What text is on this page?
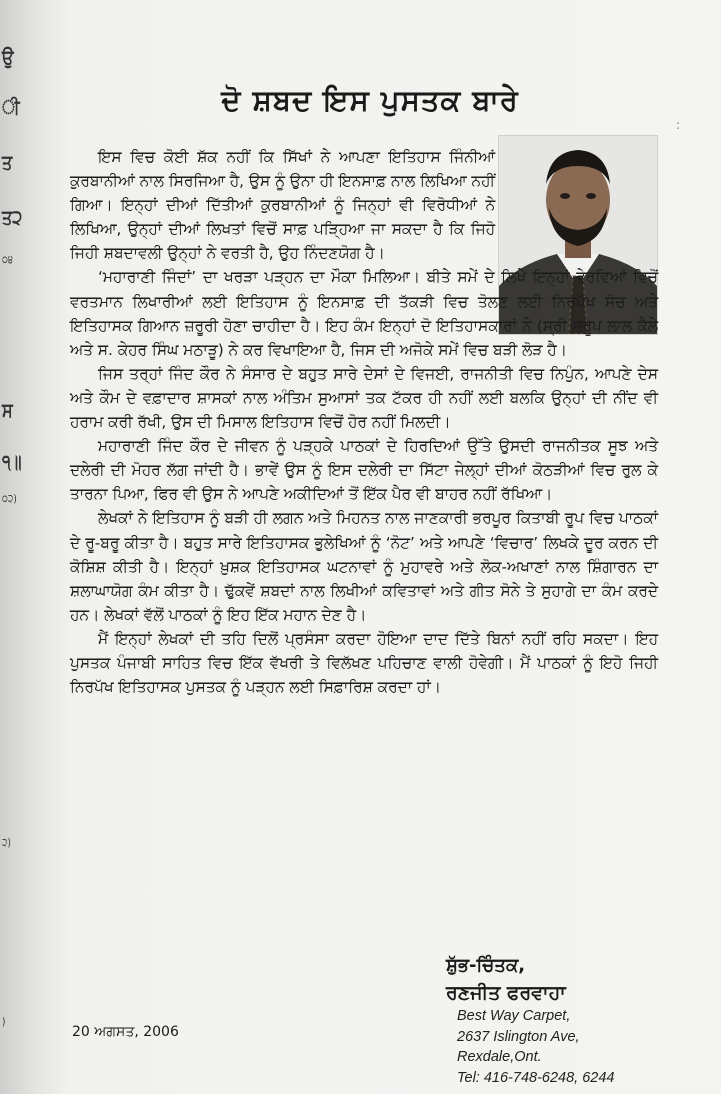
ਉ
ੀ
ਤ
ਤ੨
੦੪
ਸ
੧॥
੦੨)
੨)
)
꞉
ਦੋ ਸ਼ਬਦ ਇਸ ਪੁਸਤਕ ਬਾਰੇ

ਇਸ ਵਿਚ ਕੋਈ ਸ਼ੱਕ ਨਹੀਂ ਕਿ ਸਿੱਖਾਂ ਨੇ ਆਪਣਾ ਇਤਿਹਾਸ ਜਿੰਨੀਆਂ ਕੁਰਬਾਨੀਆਂ ਨਾਲ ਸਿਰਜਿਆ ਹੈ, ਉਸ ਨੂੰ ਉਨਾ ਹੀ ਇਨਸਾਫ਼ ਨਾਲ ਲਿਖਿਆ ਨਹੀਂ ਗਿਆ। ਇਨ੍ਹਾਂ ਦੀਆਂ ਦਿੱਤੀਆਂ ਕੁਰਬਾਨੀਆਂ ਨੂੰ ਜਿਨ੍ਹਾਂ ਵੀ ਵਿਰੋਧੀਆਂ ਨੇ ਲਿਖਿਆ, ਉਨ੍ਹਾਂ ਦੀਆਂ ਲਿਖਤਾਂ ਵਿਚੋਂ ਸਾਫ਼ ਪੜ੍ਹਿਆ ਜਾ ਸਕਦਾ ਹੈ ਕਿ ਜਿਹੋ ਜਿਹੀ ਸ਼ਬਦਾਵਲੀ ਉਨ੍ਹਾਂ ਨੇ ਵਰਤੀ ਹੈ, ਉਹ ਨਿੰਦਣਯੋਗ ਹੈ।

‘ਮਹਾਰਾਣੀ ਜਿੰਦਾਂ’ ਦਾ ਖਰੜਾ ਪੜ੍ਹਨ ਦਾ ਮੌਕਾ ਮਿਲਿਆ। ਬੀਤੇ ਸਮੇਂ ਦੇ ਲਿਖੇ ਇਨ੍ਹਾਂ ਵੇਰਵਿਆਂ ਵਿਚੋਂ ਵਰਤਮਾਨ ਲਿਖਾਰੀਆਂ ਲਈ ਇਤਿਹਾਸ ਨੂੰ ਇਨਸਾਫ਼ ਦੀ ਤੱਕੜੀ ਵਿਚ ਤੋਲਣ ਲਈ ਨਿਰਪੱਖ ਸੋਚ ਅਤੇ ਇਤਿਹਾਸਕ ਗਿਆਨ ਜ਼ਰੂਰੀ ਹੋਣਾ ਚਾਹੀਦਾ ਹੈ। ਇਹ ਕੰਮ ਇਨ੍ਹਾਂ ਦੋ ਇਤਿਹਾਸਕਾਰਾਂ ਨੇ (ਸ੍ਰੀ ਸਰੂਪ ਲਾਲ ਕੈਲੇ ਅਤੇ ਸ. ਕੇਹਰ ਸਿੰਘ ਮਠਾੜੂ) ਨੇ ਕਰ ਵਿਖਾਇਆ ਹੈ, ਜਿਸ ਦੀ ਅਜੋਕੇ ਸਮੇਂ ਵਿਚ ਬੜੀ ਲੋੜ ਹੈ।

ਜਿਸ ਤਰ੍ਹਾਂ ਜਿੰਦ ਕੌਰ ਨੇ ਸੰਸਾਰ ਦੇ ਬਹੁਤ ਸਾਰੇ ਦੇਸਾਂ ਦੇ ਵਿਜਈ, ਰਾਜਨੀਤੀ ਵਿਚ ਨਿਪੁੰਨ, ਆਪਣੇ ਦੇਸ ਅਤੇ ਕੌਮ ਦੇ ਵਫ਼ਾਦਾਰ ਸ਼ਾਸਕਾਂ ਨਾਲ ਅੰਤਿਮ ਸੁਆਸਾਂ ਤਕ ਟੱਕਰ ਹੀ ਨਹੀਂ ਲਈ ਬਲਕਿ ਉਨ੍ਹਾਂ ਦੀ ਨੀਂਦ ਵੀ ਹਰਾਮ ਕਰੀ ਰੱਖੀ, ਉਸ ਦੀ ਮਿਸਾਲ ਇਤਿਹਾਸ ਵਿਚੋਂ ਹੋਰ ਨਹੀਂ ਮਿਲਦੀ।

ਮਹਾਰਾਣੀ ਜਿੰਦ ਕੌਰ ਦੇ ਜੀਵਨ ਨੂੰ ਪੜ੍ਹਕੇ ਪਾਠਕਾਂ ਦੇ ਹਿਰਦਿਆਂ ਉੱਤੇ ਉਸਦੀ ਰਾਜਨੀਤਕ ਸੂਝ ਅਤੇ ਦਲੇਰੀ ਦੀ ਮੋਹਰ ਲੱਗ ਜਾਂਦੀ ਹੈ। ਭਾਵੇਂ ਉਸ ਨੂੰ ਇਸ ਦਲੇਰੀ ਦਾ ਸਿੱਟਾ ਜੇਲ੍ਹਾਂ ਦੀਆਂ ਕੋਠੜੀਆਂ ਵਿਚ ਰੁਲ ਕੇ ਤਾਰਨਾ ਪਿਆ, ਫਿਰ ਵੀ ਉਸ ਨੇ ਆਪਣੇ ਅਕੀਦਿਆਂ ਤੋਂ ਇੱਕ ਪੈਰ ਵੀ ਬਾਹਰ ਨਹੀਂ ਰੱਖਿਆ।

ਲੇਖਕਾਂ ਨੇ ਇਤਿਹਾਸ ਨੂੰ ਬੜੀ ਹੀ ਲਗਨ ਅਤੇ ਮਿਹਨਤ ਨਾਲ ਜਾਣਕਾਰੀ ਭਰਪੂਰ ਕਿਤਾਬੀ ਰੂਪ ਵਿਚ ਪਾਠਕਾਂ ਦੇ ਰੂ-ਬਰੂ ਕੀਤਾ ਹੈ। ਬਹੁਤ ਸਾਰੇ ਇਤਿਹਾਸਕ ਭੁਲੇਖਿਆਂ ਨੂੰ ‘ਨੋਟ’ ਅਤੇ ਆਪਣੇ ‘ਵਿਚਾਰ’ ਲਿਖਕੇ ਦੂਰ ਕਰਨ ਦੀ ਕੋਸ਼ਿਸ਼ ਕੀਤੀ ਹੈ। ਇਨ੍ਹਾਂ ਖ਼ੁਸ਼ਕ ਇਤਿਹਾਸਕ ਘਟਨਾਵਾਂ ਨੂੰ ਮੁਹਾਵਰੇ ਅਤੇ ਲੋਕ-ਅਖਾਣਾਂ ਨਾਲ ਸ਼ਿੰਗਾਰਨ ਦਾ ਸ਼ਲਾਘਾਯੋਗ ਕੰਮ ਕੀਤਾ ਹੈ। ਢੁੱਕਵੇਂ ਸ਼ਬਦਾਂ ਨਾਲ ਲਿਖੀਆਂ ਕਵਿਤਾਵਾਂ ਅਤੇ ਗੀਤ ਸੋਨੇ ਤੇ ਸੁਹਾਗੇ ਦਾ ਕੰਮ ਕਰਦੇ ਹਨ। ਲੇਖਕਾਂ ਵੱਲੋਂ ਪਾਠਕਾਂ ਨੂੰ ਇਹ ਇੱਕ ਮਹਾਨ ਦੇਣ ਹੈ।

ਮੈਂ ਇਨ੍ਹਾਂ ਲੇਖਕਾਂ ਦੀ ਤਹਿ ਦਿਲੋਂ ਪ੍ਰਸੰਸਾ ਕਰਦਾ ਹੋਇਆ ਦਾਦ ਦਿੱਤੇ ਬਿਨਾਂ ਨਹੀਂ ਰਹਿ ਸਕਦਾ। ਇਹ ਪੁਸਤਕ ਪੰਜਾਬੀ ਸਾਹਿਤ ਵਿਚ ਇੱਕ ਵੱਖਰੀ ਤੇ ਵਿਲੱਖਣ ਪਹਿਚਾਣ ਵਾਲੀ ਹੋਵੇਗੀ। ਮੈਂ ਪਾਠਕਾਂ ਨੂੰ ਇਹੋ ਜਿਹੀ ਨਿਰਪੱਖ ਇਤਿਹਾਸਕ ਪੁਸਤਕ ਨੂੰ ਪੜ੍ਹਨ ਲਈ ਸਿਫ਼ਾਰਿਸ਼ ਕਰਦਾ ਹਾਂ।

ਸ਼ੁੱਭ-ਚਿੰਤਕ,
ਰਣਜੀਤ ਫਰਵਾਹਾ
Best Way Carpet,
2637 Islington Ave,
Rexdale,Ont.
Tel: 416-748-6248, 6244
20 ਅਗਸਤ, 2006
